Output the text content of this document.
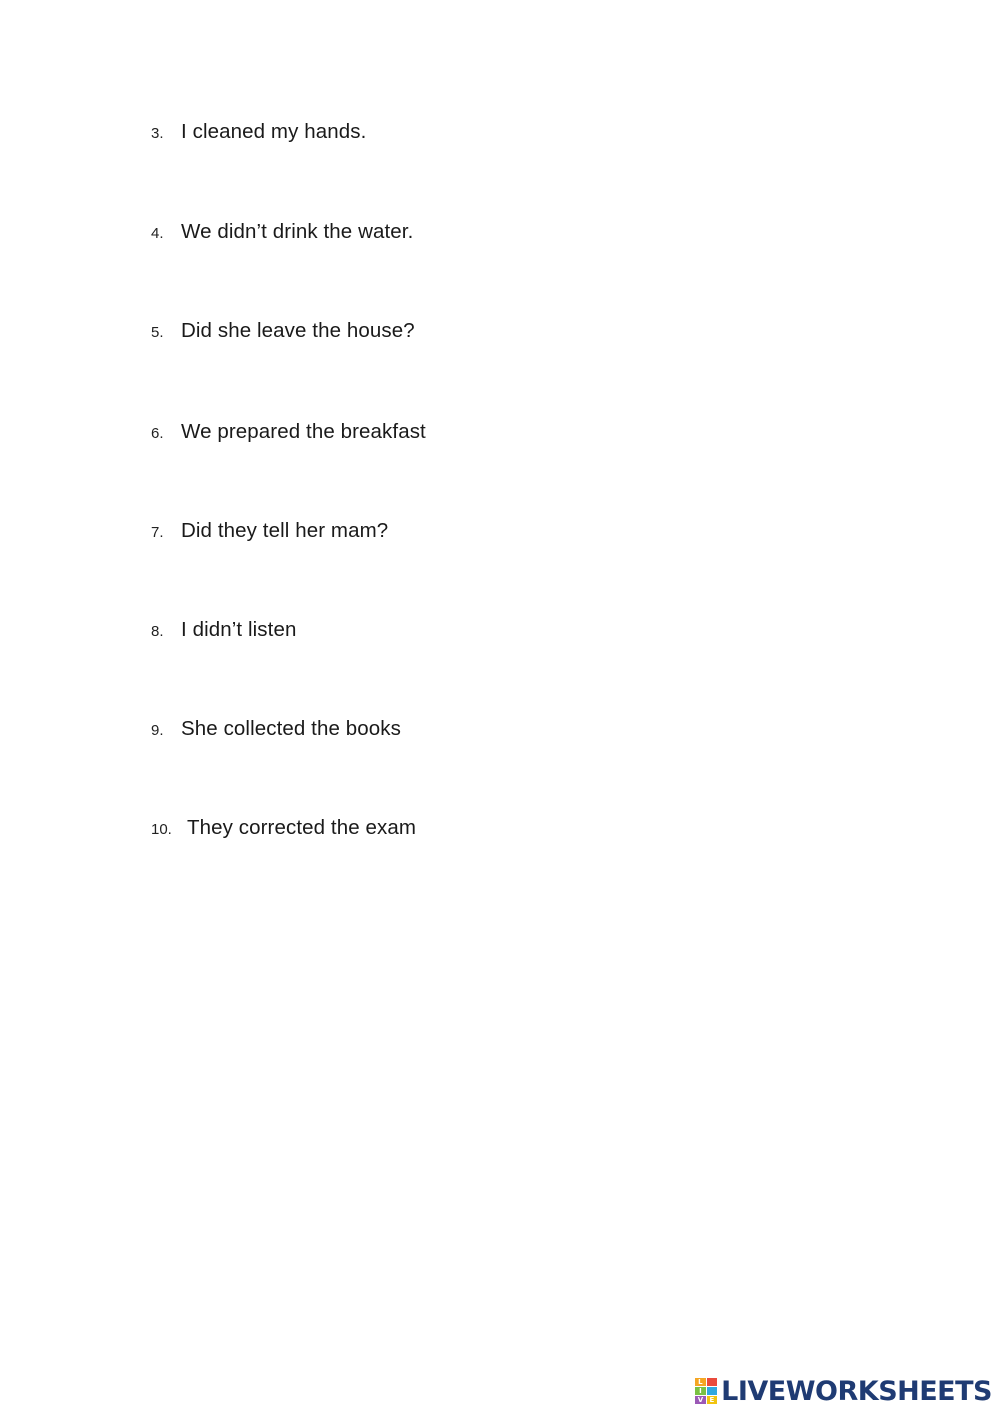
3. I cleaned my hands.
4. We didn’t drink the water.
5. Did she leave the house?
6. We prepared the breakfast
7. Did they tell her mam?
8. I didn’t listen
9. She collected the books
10. They corrected the exam
L
I
V E LIVEWORKSHEETS
